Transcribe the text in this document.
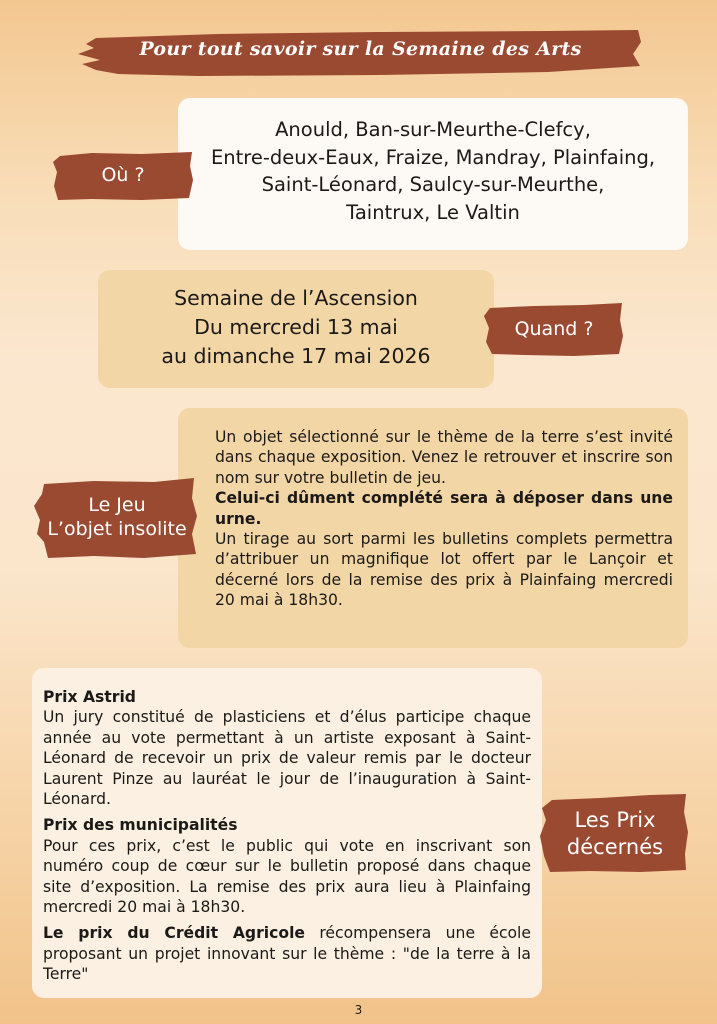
Pour tout savoir sur la Semaine des Arts
Anould, Ban-sur-Meurthe-Clefcy,
Entre-deux-Eaux, Fraize, Mandray, Plainfaing,
Saint-Léonard, Saulcy-sur-Meurthe,
Taintrux, Le Valtin
Où ?
Semaine de l’Ascension
Du mercredi 13 mai
au dimanche 17 mai 2026
Quand ?

Un objet sélectionné sur le thème de la terre s’est invité dans chaque exposition. Venez le retrouver et inscrire son nom sur votre bulletin de jeu.

Celui-ci dûment complété sera à déposer dans une urne.

Un tirage au sort parmi les bulletins complets permettra d’attribuer un magnifique lot offert par le Lançoir et décerné lors de la remise des prix à Plainfaing mercredi 20 mai à 18h30.

Le Jeu
L’objet insolite

Prix Astrid

Un jury constitué de plasticiens et d’élus participe chaque année au vote permettant à un artiste exposant à Saint-Léonard de recevoir un prix de valeur remis par le docteur Laurent Pinze au lauréat le jour de l’inauguration à Saint-Léonard.

Prix des municipalités

Pour ces prix, c’est le public qui vote en inscrivant son numéro coup de cœur sur le bulletin proposé dans chaque site d’exposition. La remise des prix aura lieu à Plainfaing mercredi 20 mai à 18h30.

Le prix du Crédit Agricole récompensera une école proposant un projet innovant sur le thème : "de la terre à la Terre"

Les Prix
décernés
3
